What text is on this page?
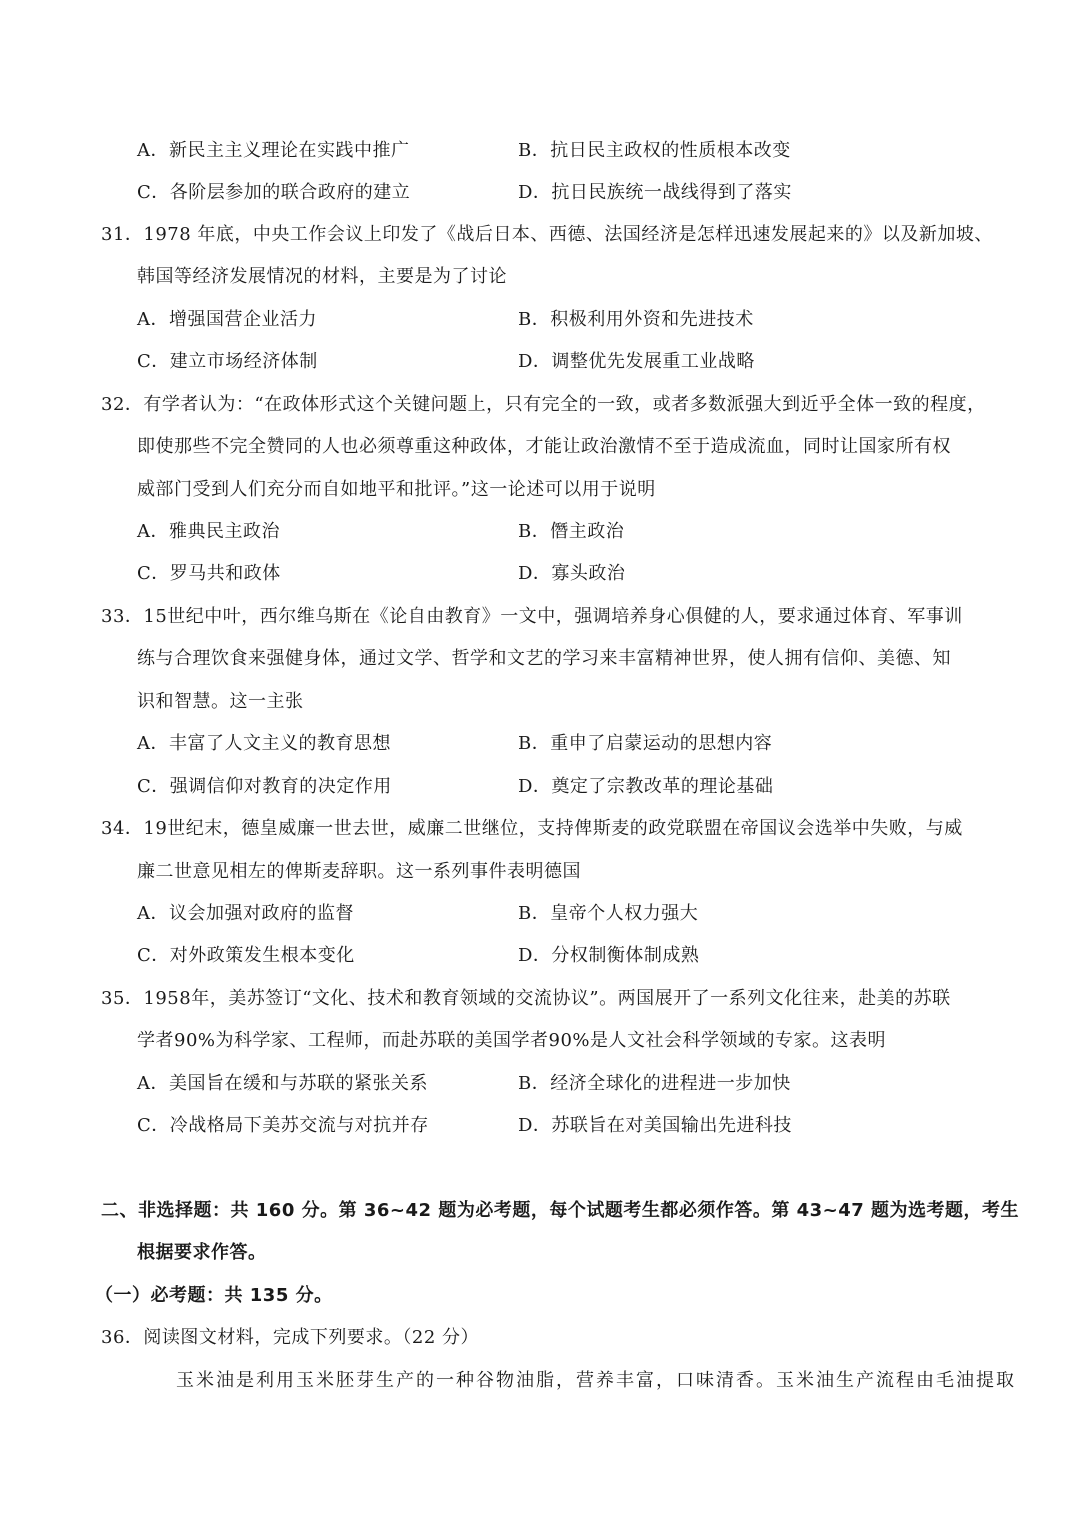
A．新民主主义理论在实践中推广	B．抗日民主政权的性质根本改变
C．各阶层参加的联合政府的建立	D．抗日民族统一战线得到了落实
31．1978 年底，中央工作会议上印发了《战后日本、西德、法国经济是怎样迅速发展起来的》以及新加坡、
韩国等经济发展情况的材料，主要是为了讨论
A．增强国营企业活力	B．积极利用外资和先进技术
C．建立市场经济体制	D．调整优先发展重工业战略
32．有学者认为：“在政体形式这个关键问题上，只有完全的一致，或者多数派强大到近乎全体一致的程度，
即使那些不完全赞同的人也必须尊重这种政体，才能让政治激情不至于造成流血，同时让国家所有权
威部门受到人们充分而自如地平和批评。”这一论述可以用于说明
A．雅典民主政治	B．僭主政治
C．罗马共和政体	D．寡头政治
33．15世纪中叶，西尔维乌斯在《论自由教育》一文中，强调培养身心俱健的人，要求通过体育、军事训
练与合理饮食来强健身体，通过文学、哲学和文艺的学习来丰富精神世界，使人拥有信仰、美德、知
识和智慧。这一主张
A．丰富了人文主义的教育思想	B．重申了启蒙运动的思想内容
C．强调信仰对教育的决定作用	D．奠定了宗教改革的理论基础
34．19世纪末，德皇威廉一世去世，威廉二世继位，支持俾斯麦的政党联盟在帝国议会选举中失败，与威
廉二世意见相左的俾斯麦辞职。这一系列事件表明德国
A．议会加强对政府的监督	B．皇帝个人权力强大
C．对外政策发生根本变化	D．分权制衡体制成熟
35．1958年，美苏签订“文化、技术和教育领域的交流协议”。两国展开了一系列文化往来，赴美的苏联
学者90%为科学家、工程师，而赴苏联的美国学者90%是人文社会科学领域的专家。这表明
A．美国旨在缓和与苏联的紧张关系	B．经济全球化的进程进一步加快
C．冷战格局下美苏交流与对抗并存	D．苏联旨在对美国输出先进科技
二、非选择题：共 160 分。第 36~42 题为必考题，每个试题考生都必须作答。第 43~47 题为选考题，考生
根据要求作答。
（一）必考题：共 135 分。
36．阅读图文材料，完成下列要求。（22 分）
玉米油是利用玉米胚芽生产的一种谷物油脂，营养丰富，口味清香。玉米油生产流程由毛油提取
